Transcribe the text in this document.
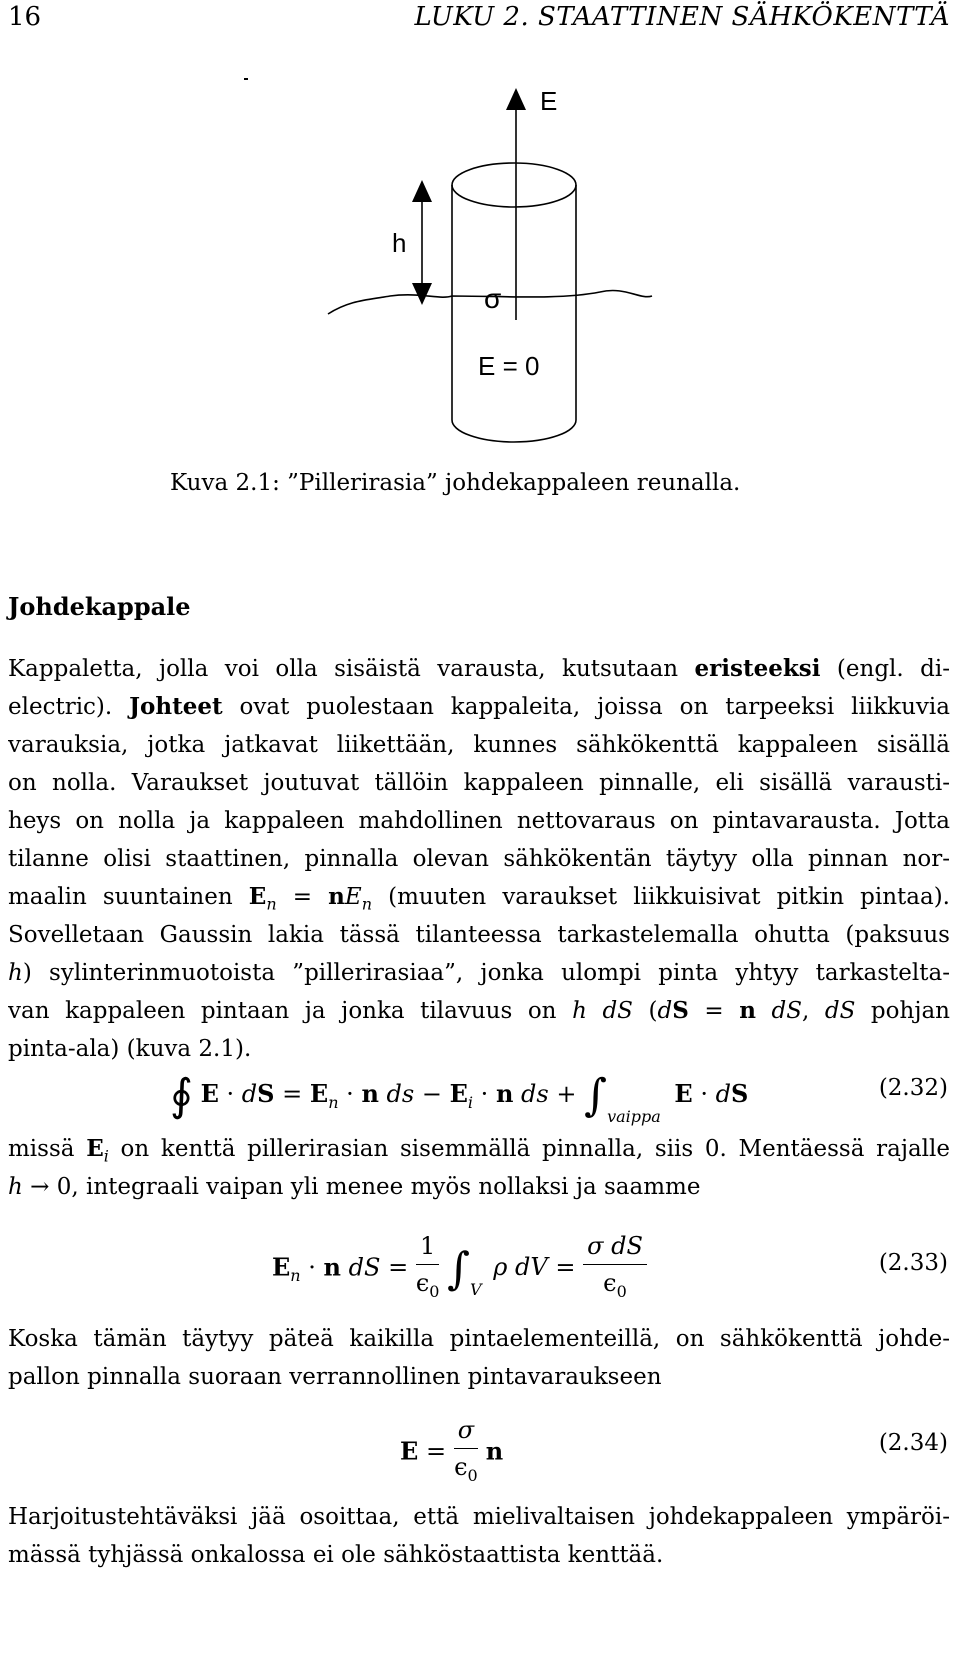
16	LUKU 2. STAATTINEN SÄHKÖKENTTÄ
E
h
σ
E = 0
Kuva 2.1: ”Pillerirasia” johdekappaleen reunalla.
Johdekappale
Kappaletta, jolla voi olla sisäistä varausta, kutsutaan eristeeksi (engl. di-
electric). Johteet ovat puolestaan kappaleita, joissa on tarpeeksi liikkuvia
varauksia, jotka jatkavat liikettään, kunnes sähkökenttä kappaleen sisällä
on nolla. Varaukset joutuvat tällöin kappaleen pinnalle, eli sisällä varausti-
heys on nolla ja kappaleen mahdollinen nettovaraus on pintavarausta. Jotta
tilanne olisi staattinen, pinnalla olevan sähkökentän täytyy olla pinnan nor-
maalin suuntainen $E_n = nE_n$ (muuten varaukset liikkuisivat pitkin pintaa).
Sovelletaan Gaussin lakia tässä tilanteessa tarkastelemalla ohutta (paksuus
h) sylinterinmuotoista ”pillerirasiaa”, jonka ulompi pinta yhtyy tarkastelta-
van kappaleen pintaan ja jonka tilavuus on h dS (dS = n dS, dS pohjan
pinta-ala) (kuva 2.1).
∮ E · dS = $E_n \cdot n$ ds − $E_i \cdot n$ ds + $\int_{vaippa}$ E · dS	(2.32)
missä $E_i$ on kenttä pillerirasian sisemmällä pinnalla, siis 0. Mentäessä rajalle
h → 0, integraali vaipan yli menee myös nollaksi ja saamme
$E_n \cdot n$ dS = $\frac{1}{\epsilon_0} \int_V$ ρ dV = $\frac{\text{σ dS}}{\epsilon_0}$	(2.33)
Koska tämän täytyy päteä kaikilla pintaelementeillä, on sähkökenttä johde-
pallon pinnalla suoraan verrannollinen pintavaraukseen
$E = \frac{\sigma}{\epsilon_0}$ n	(2.34)
Harjoitustehtäväksi jää osoittaa, että mielivaltaisen johdekappaleen ympäröi-
mässä tyhjässä onkalossa ei ole sähköstaattista kenttää.
